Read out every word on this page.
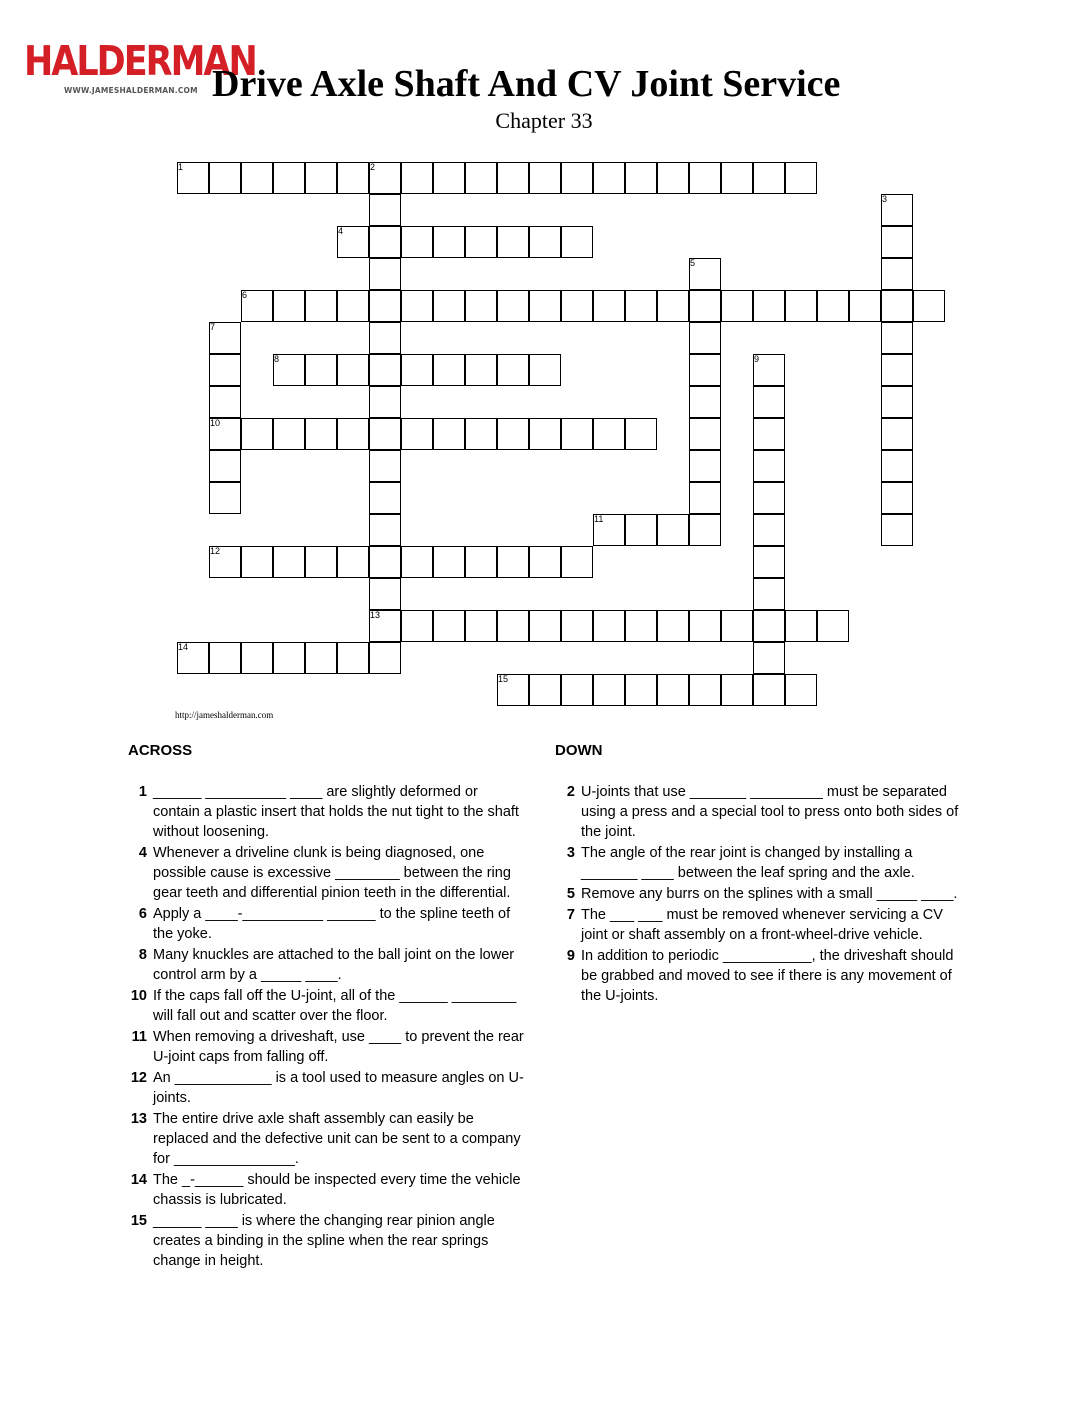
HALDERMAN
WWW.JAMESHALDERMAN.COM Drive Axle Shaft And CV Joint Service
Chapter 33
1	2
3
4
5
6
7
8	9
10
11
12
13
14
15
http://jameshalderman.com
ACROSS	DOWN
1 ______ __________ ____ are slightly deformed or contain a plastic insert that holds the nut tight to the shaft without loosening.
4 Whenever a driveline clunk is being diagnosed, one possible cause is excessive ________ between the ring gear teeth and differential pinion teeth in the differential.
6 Apply a ____-__________ ______ to the spline teeth of the yoke.
8 Many knuckles are attached to the ball joint on the lower control arm by a _____ ____.
10 If the caps fall off the U-joint, all of the ______ ________ will fall out and scatter over the floor.
11 When removing a driveshaft, use ____ to prevent the rear U-joint caps from falling off.
12 An ____________ is a tool used to measure angles on U-joints.
13 The entire drive axle shaft assembly can easily be replaced and the defective unit can be sent to a company for _______________.
14 The _-______ should be inspected every time the vehicle chassis is lubricated.
15 ______ ____ is where the changing rear pinion angle creates a binding in the spline when the rear springs change in height.
2 U-joints that use _______ _________ must be separated using a press and a special tool to press onto both sides of the joint.
3 The angle of the rear joint is changed by installing a _______ ____ between the leaf spring and the axle.
5 Remove any burrs on the splines with a small _____ ____.
7 The ___ ___ must be removed whenever servicing a CV joint or shaft assembly on a front-wheel-drive vehicle.
9 In addition to periodic ___________, the driveshaft should be grabbed and moved to see if there is any movement of the U-joints.
